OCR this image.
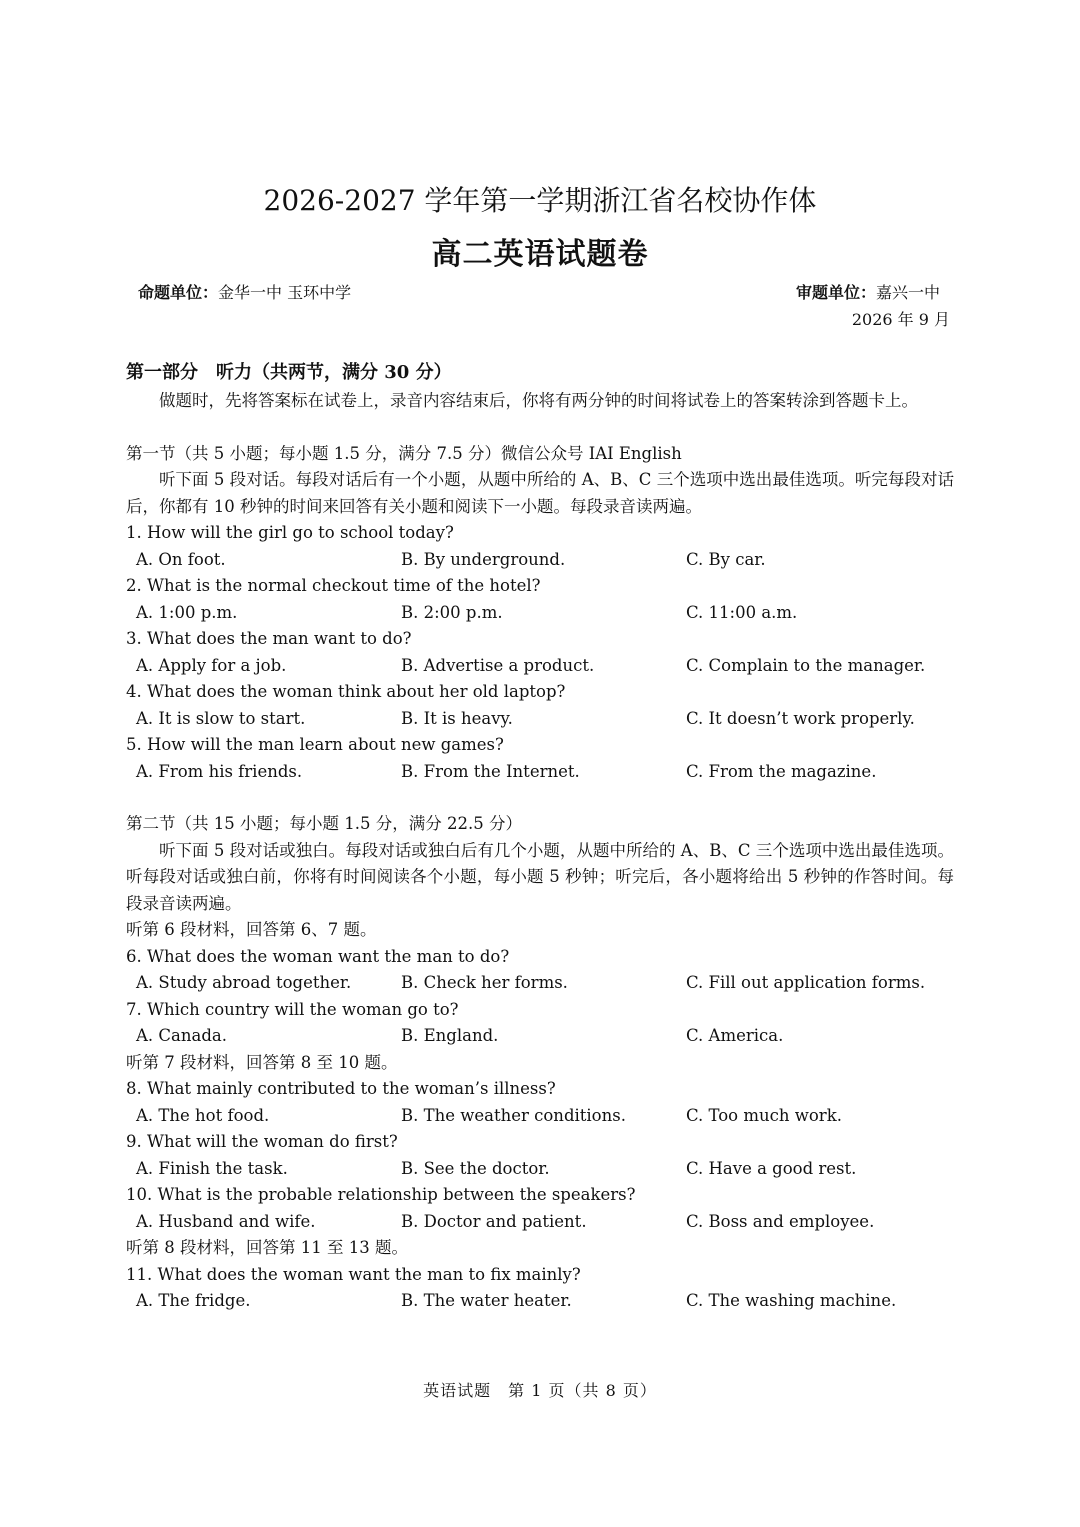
2026-2027 学年第一学期浙江省名校协作体
高二英语试题卷
命题单位：金华一中 玉环中学	审题单位：嘉兴一中
2026 年 9 月
第一部分　听力（共两节，满分 30 分）
做题时，先将答案标在试卷上，录音内容结束后，你将有两分钟的时间将试卷上的答案转涂到答题卡上。
第一节（共 5 小题；每小题 1.5 分，满分 7.5 分）微信公众号 IAI English
听下面 5 段对话。每段对话后有一个小题，从题中所给的 A、B、C 三个选项中选出最佳选项。听完每段对话后，你都有 10 秒钟的时间来回答有关小题和阅读下一小题。每段录音读两遍。
1. How will the girl go to school today?
A. On foot.	B. By underground.	C. By car.
2. What is the normal checkout time of the hotel?
A. 1:00 p.m.	B. 2:00 p.m.	C. 11:00 a.m.
3. What does the man want to do?
A. Apply for a job.	B. Advertise a product.	C. Complain to the manager.
4. What does the woman think about her old laptop?
A. It is slow to start.	B. It is heavy.	C. It doesn’t work properly.
5. How will the man learn about new games?
A. From his friends.	B. From the Internet.	C. From the magazine.
第二节（共 15 小题；每小题 1.5 分，满分 22.5 分）
听下面 5 段对话或独白。每段对话或独白后有几个小题，从题中所给的 A、B、C 三个选项中选出最佳选项。听每段对话或独白前，你将有时间阅读各个小题，每小题 5 秒钟；听完后，各小题将给出 5 秒钟的作答时间。每段录音读两遍。
听第 6 段材料，回答第 6、7 题。
6. What does the woman want the man to do?
A. Study abroad together.	B. Check her forms.	C. Fill out application forms.
7. Which country will the woman go to?
A. Canada.	B. England.	C. America.
听第 7 段材料，回答第 8 至 10 题。
8. What mainly contributed to the woman’s illness?
A. The hot food.	B. The weather conditions.	C. Too much work.
9. What will the woman do first?
A. Finish the task.	B. See the doctor.	C. Have a good rest.
10. What is the probable relationship between the speakers?
A. Husband and wife.	B. Doctor and patient.	C. Boss and employee.
听第 8 段材料，回答第 11 至 13 题。
11. What does the woman want the man to fix mainly?
A. The fridge.	B. The water heater.	C. The washing machine.
英语试题　第 1 页（共 8 页）
